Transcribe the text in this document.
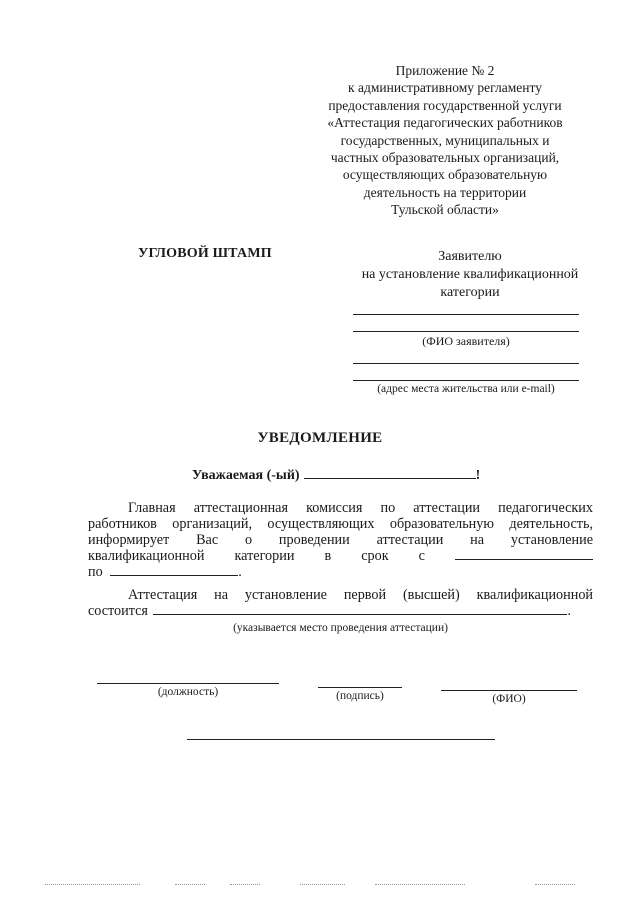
Приложение № 2
к административному регламенту
предоставления государственной услуги
«Аттестация педагогических работников
государственных, муниципальных и
частных образовательных организаций,
осуществляющих образовательную
деятельность на территории
Тульской области»
УГЛОВОЙ ШТАМП	Заявителю
на установление квалификационной
категории
(ФИО заявителя)
(адрес места жительства или e-mail)
УВЕДОМЛЕНИЕ
Уважаемая (-ый)	!
Главная аттестационная комиссия по аттестации педагогических
работников организаций, осуществляющих образовательную деятельность,
информирует Вас о проведении аттестации на установление
квалификационной категории в срок с
по	.
Аттестация на установление первой (высшей) квалификационной
состоится	.
(указывается место проведения аттестации)
(должность)	(подпись)	(ФИО)
